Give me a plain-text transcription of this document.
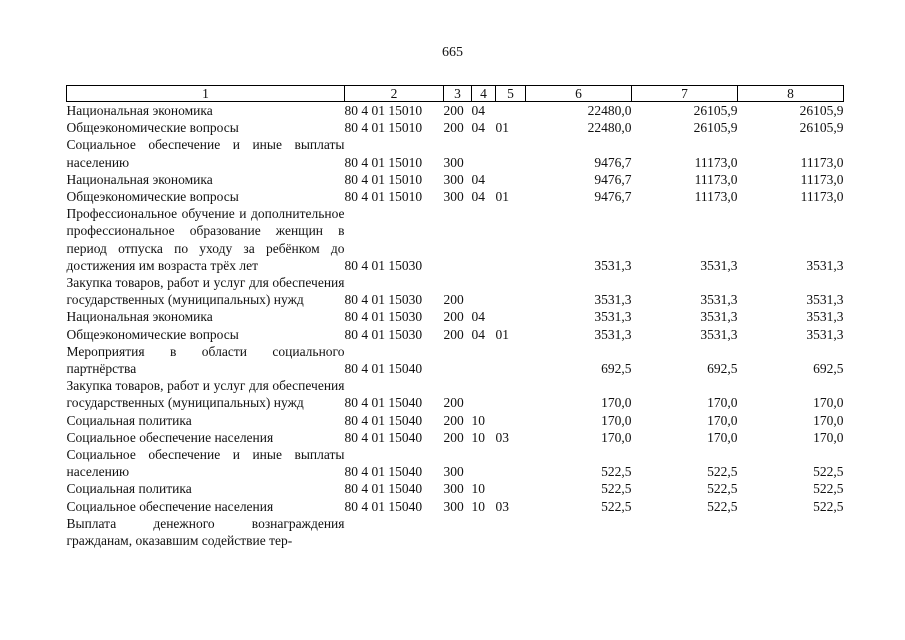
665
1	2	3	4	5	6	7	8
Национальная экономика	80 4 01 15010	200	04		22480,0	26105,9	26105,9
Общеэкономические вопросы	80 4 01 15010	200	04	01	22480,0	26105,9	26105,9
Социальное обеспечение и иные выплаты населению	80 4 01 15010	300			9476,7	11173,0	11173,0
Национальная экономика	80 4 01 15010	300	04		9476,7	11173,0	11173,0
Общеэкономические вопросы	80 4 01 15010	300	04	01	9476,7	11173,0	11173,0
Профессиональное обучение и дополнительное профессиональное образование женщин в период отпуска по уходу за ребёнком до достижения им возраста трёх лет	80 4 01 15030				3531,3	3531,3	3531,3
Закупка товаров, работ и услуг для обеспечения государственных (муниципальных) нужд	80 4 01 15030	200			3531,3	3531,3	3531,3
Национальная экономика	80 4 01 15030	200	04		3531,3	3531,3	3531,3
Общеэкономические вопросы	80 4 01 15030	200	04	01	3531,3	3531,3	3531,3
Мероприятия в области социального партнёрства	80 4 01 15040				692,5	692,5	692,5
Закупка товаров, работ и услуг для обеспечения государственных (муниципальных) нужд	80 4 01 15040	200			170,0	170,0	170,0
Социальная политика	80 4 01 15040	200	10		170,0	170,0	170,0
Социальное обеспечение населения	80 4 01 15040	200	10	03	170,0	170,0	170,0
Социальное обеспечение и иные выплаты населению	80 4 01 15040	300			522,5	522,5	522,5
Социальная политика	80 4 01 15040	300	10		522,5	522,5	522,5
Социальное обеспечение населения	80 4 01 15040	300	10	03	522,5	522,5	522,5
Выплата денежного вознаграждения гражданам, оказавшим содействие тер-							
